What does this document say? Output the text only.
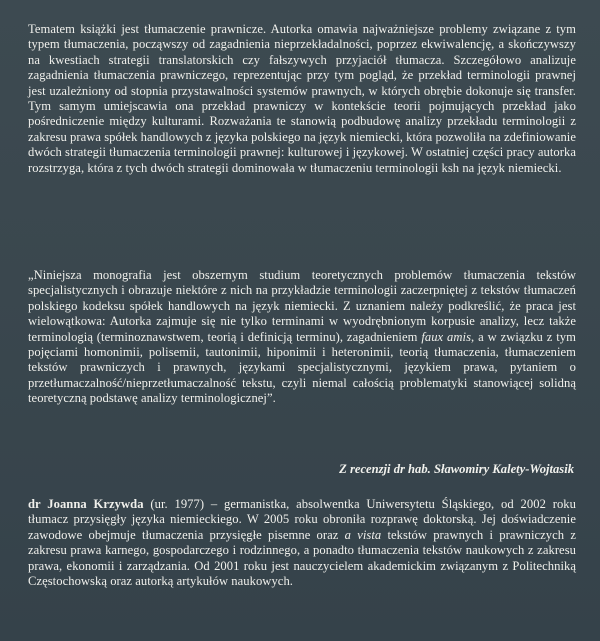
Tematem książki jest tłumaczenie prawnicze. Autorka omawia najważniejsze problemy związane z tym typem tłumaczenia, począwszy od zagadnienia nieprzekładalności, poprzez ekwiwalencję, a skończywszy na kwestiach strategii translatorskich czy fałszywych przyjaciół tłumacza. Szczegółowo analizuje zagadnienia tłumaczenia prawniczego, reprezentując przy tym pogląd, że przekład terminologii prawnej jest uzależniony od stopnia przystawalności systemów prawnych, w których obrębie dokonuje się transfer. Tym samym umiejscawia ona przekład prawniczy w kontekście teorii pojmujących przekład jako pośredniczenie między kulturami. Rozważania te stanowią podbudowę analizy przekładu terminologii z zakresu prawa spółek handlowych z języka polskiego na język niemiecki, która pozwoliła na zdefiniowanie dwóch strategii tłumaczenia terminologii prawnej: kulturowej i językowej. W ostatniej części pracy autorka rozstrzyga, która z tych dwóch strategii dominowała w tłumaczeniu terminologii ksh na język niemiecki.

„Niniejsza monografia jest obszernym studium teoretycznych problemów tłumaczenia tekstów specjalistycznych i obrazuje niektóre z nich na przykładzie terminologii zaczerpniętej z tekstów tłumaczeń polskiego kodeksu spółek handlowych na język niemiecki. Z uznaniem należy podkreślić, że praca jest wielowątkowa: Autorka zajmuje się nie tylko terminami w wyodrębnionym korpusie analizy, lecz także terminologią (terminoznawstwem, teorią i definicją terminu), zagadnieniem faux amis, a w związku z tym pojęciami homonimii, polisemii, tautonimii, hiponimii i heteronimii, teorią tłumaczenia, tłumaczeniem tekstów prawniczych i prawnych, językami specjalistycznymi, językiem prawa, pytaniem o przetłumaczalność/nieprzetłumaczalność tekstu, czyli niemal całością problematyki stanowiącej solidną teoretyczną podstawę analizy terminologicznej”.

Z recenzji dr hab. Sławomiry Kalety-Wojtasik

dr Joanna Krzywda (ur. 1977) – germanistka, absolwentka Uniwersytetu Śląskiego, od 2002 roku tłumacz przysięgły języka niemieckiego. W 2005 roku obroniła rozprawę doktorską. Jej doświadczenie zawodowe obejmuje tłumaczenia przysięgłe pisemne oraz a vista tekstów prawnych i prawniczych z zakresu prawa karnego, gospodarczego i rodzinnego, a ponadto tłumaczenia tekstów naukowych z zakresu prawa, ekonomii i zarządzania. Od 2001 roku jest nauczycielem akademickim związanym z Politechniką Częstochowską oraz autorką artykułów naukowych.
